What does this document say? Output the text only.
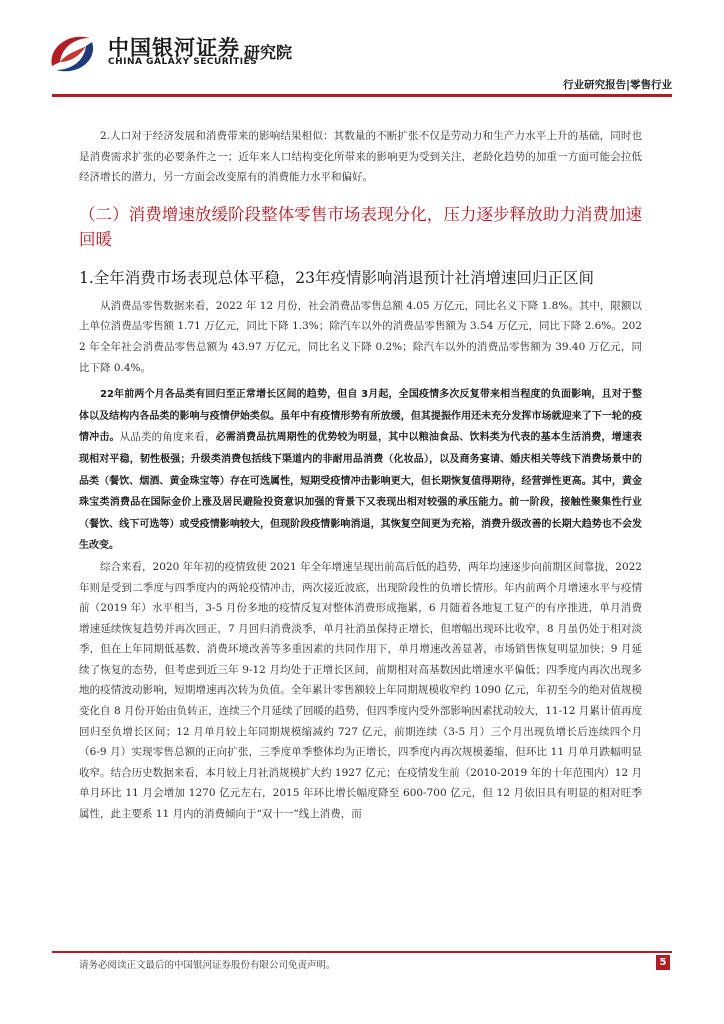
中国银河证券
CHINA GALAXY SECURITIES
研究院
行业研究报告|零售行业

2.人口对于经济发展和消费带来的影响结果相似：其数量的不断扩张不仅是劳动力和生产力水平上升的基础，同时也是消费需求扩张的必要条件之一；近年来人口结构变化所带来的影响更为受到关注，老龄化趋势的加重一方面可能会拉低经济增长的潜力，另一方面会改变原有的消费能力水平和偏好。

（二）消费增速放缓阶段整体零售市场表现分化，压力逐步释放助力消费加速回暖
1.全年消费市场表现总体平稳，23年疫情影响消退预计社消增速回归正区间

从消费品零售数据来看，2022 年 12 月份，社会消费品零售总额 4.05 万亿元，同比名义下降 1.8%。其中，限额以上单位消费品零售额 1.71 万亿元，同比下降 1.3%；除汽车以外的消费品零售额为 3.54 万亿元，同比下降 2.6%。2022 年全年社会消费品零售总额为 43.97 万亿元，同比名义下降 0.2%；除汽车以外的消费品零售额为 39.40 万亿元，同比下降 0.4%。

22年前两个月各品类有回归至正常增长区间的趋势，但自 3月起，全国疫情多次反复带来相当程度的负面影响，且对于整体以及结构内各品类的影响与疫情伊始类似。虽年中有疫情形势有所放缓，但其提振作用还未充分发挥市场就迎来了下一轮的疫情冲击。从品类的角度来看，必需消费品抗周期性的优势较为明显，其中以粮油食品、饮料类为代表的基本生活消费，增速表现相对平稳，韧性极强；升级类消费包括线下渠道内的非耐用品消费（化妆品），以及商务宴请、婚庆相关等线下消费场景中的品类（餐饮、烟酒、黄金珠宝等）存在可选属性，短期受疫情冲击影响更大，但长期恢复值得期待，经营弹性更高。其中，黄金珠宝类消费品在国际金价上涨及居民避险投资意识加强的背景下又表现出相对较强的承压能力。前一阶段，接触性聚集性行业（餐饮、线下可选等）或受疫情影响较大，但现阶段疫情影响消退，其恢复空间更为充裕，消费升级改善的长期大趋势也不会发生改变。

综合来看，2020 年年初的疫情致使 2021 年全年增速呈现出前高后低的趋势，两年均速逐步向前期区间靠拢，2022 年则是受到二季度与四季度内的两轮疫情冲击，两次接近波底，出现阶段性的负增长情形。年内前两个月增速水平与疫情前（2019 年）水平相当，3-5 月份多地的疫情反复对整体消费形成拖累，6 月随着各地复工复产的有序推进，单月消费增速延续恢复趋势并再次回正，7 月回归消费淡季，单月社消虽保持正增长，但增幅出现环比收窄，8 月虽仍处于相对淡季，但在上年同期低基数、消费环境改善等多重因素的共同作用下，单月增速改善显著，市场销售恢复明显加快；9 月延续了恢复的态势，但考虑到近三年 9-12 月均处于正增长区间，前期相对高基数因此增速水平偏低；四季度内再次出现多地的疫情波动影响，短期增速再次转为负值。全年累计零售额较上年同期规模收窄约 1090 亿元，年初至今的绝对值规模变化自 8 月份开始由负转正，连续三个月延续了回暖的趋势，但四季度内受外部影响因素扰动较大，11-12 月累计值再度回归至负增长区间；12 月单月较上年同期规模缩减约 727 亿元，前期连续（3-5 月）三个月出现负增长后连续四个月（6-9 月）实现零售总额的正向扩张，三季度单季整体均为正增长，四季度内再次规模萎缩，但环比 11 月单月跌幅明显收窄。结合历史数据来看，本月较上月社消规模扩大约 1927 亿元；在疫情发生前（2010-2019 年的十年范围内）12 月单月环比 11 月会增加 1270 亿元左右，2015 年环比增长幅度降至 600-700 亿元，但 12 月依旧具有明显的相对旺季属性，此主要系 11 月内的消费倾向于“双十一”线上消费，而

请务必阅读正文最后的中国银河证券股份有限公司免责声明。	5
